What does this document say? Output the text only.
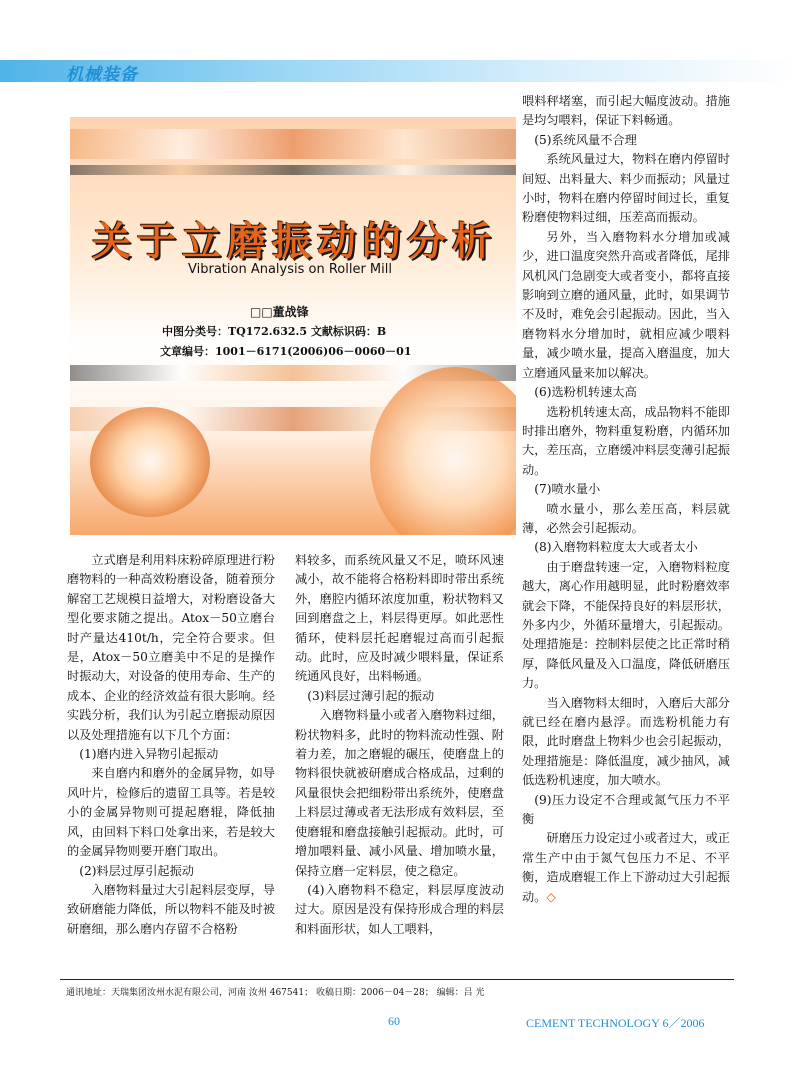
机械装备
关于立磨振动的分析
Vibration Analysis on Roller Mill
□□董战锋
中图分类号：TQ172.632.5 文献标识码：B
文章编号：1001－6171(2006)06－0060－01

立式磨是利用料床粉碎原理进行粉磨物料的一种高效粉磨设备，随着预分解窑工艺规模日益增大，对粉磨设备大型化要求随之提出。Atox－50立磨台时产量达410t/h，完全符合要求。但是，Atox－50立磨美中不足的是操作时振动大，对设备的使用寿命、生产的成本、企业的经济效益有很大影响。经实践分析，我们认为引起立磨振动原因以及处理措施有以下几个方面：

(1)磨内进入异物引起振动

来自磨内和磨外的金属异物，如导风叶片，检修后的遗留工具等。若是较小的金属异物则可提起磨辊，降低抽风，由回料下料口处拿出来，若是较大的金属异物则要开磨门取出。

(2)料层过厚引起振动

入磨物料量过大引起料层变厚，导致研磨能力降低，所以物料不能及时被研磨细，那么磨内存留不合格粉

料较多，而系统风量又不足，喷环风速减小，故不能将合格粉料即时带出系统外，磨腔内循环浓度加重，粉状物料又回到磨盘之上，料层得更厚。如此恶性循环，使料层托起磨辊过高而引起振动。此时，应及时减少喂料量，保证系统通风良好，出料畅通。

(3)料层过薄引起的振动

入磨物料量小或者入磨物料过细，粉状物料多，此时的物料流动性强、附着力差，加之磨辊的碾压，使磨盘上的物料很快就被研磨成合格成品，过剩的风量很快会把细粉带出系统外，使磨盘上料层过薄或者无法形成有效料层，至使磨辊和磨盘接触引起振动。此时，可增加喂料量、减小风量、增加喷水量，保持立磨一定料层，使之稳定。

(4)入磨物料不稳定，料层厚度波动过大。原因是没有保持形成合理的料层和料面形状，如人工喂料，

喂料秤堵塞，而引起大幅度波动。措施是均匀喂料，保证下料畅通。

(5)系统风量不合理

系统风量过大，物料在磨内停留时间短、出料量大、料少而振动；风量过小时，物料在磨内停留时间过长，重复粉磨使物料过细，压差高而振动。

另外，当入磨物料水分增加或减少，进口温度突然升高或者降低，尾排风机风门急剧变大或者变小，都将直接影响到立磨的通风量，此时，如果调节不及时，难免会引起振动。因此，当入磨物料水分增加时，就相应减少喂料量，减少喷水量，提高入磨温度，加大立磨通风量来加以解决。

(6)选粉机转速太高

选粉机转速太高，成品物料不能即时排出磨外，物料重复粉磨，内循环加大，差压高，立磨缓冲料层变薄引起振动。

(7)喷水量小

喷水量小，那么差压高，料层就薄，必然会引起振动。

(8)入磨物料粒度太大或者太小

由于磨盘转速一定，入磨物料粒度越大，离心作用越明显，此时粉磨效率就会下降，不能保持良好的料层形状，外多内少，外循环量增大，引起振动。处理措施是：控制料层使之比正常时稍厚，降低风量及入口温度，降低研磨压力。

当入磨物料太细时，入磨后大部分就已经在磨内悬浮。而选粉机能力有限，此时磨盘上物料少也会引起振动，处理措施是：降低温度，减少抽风，减低选粉机速度，加大喷水。

(9)压力设定不合理或氮气压力不平衡

研磨压力设定过小或者过大，或正常生产中由于氮气包压力不足、不平衡，造成磨辊工作上下游动过大引起振动。◇

通讯地址：天瑞集团汝州水泥有限公司，河南 汝州 467541； 收稿日期：2006－04－28； 编辑：吕 光
60	CEMENT TECHNOLOGY 6／2006
